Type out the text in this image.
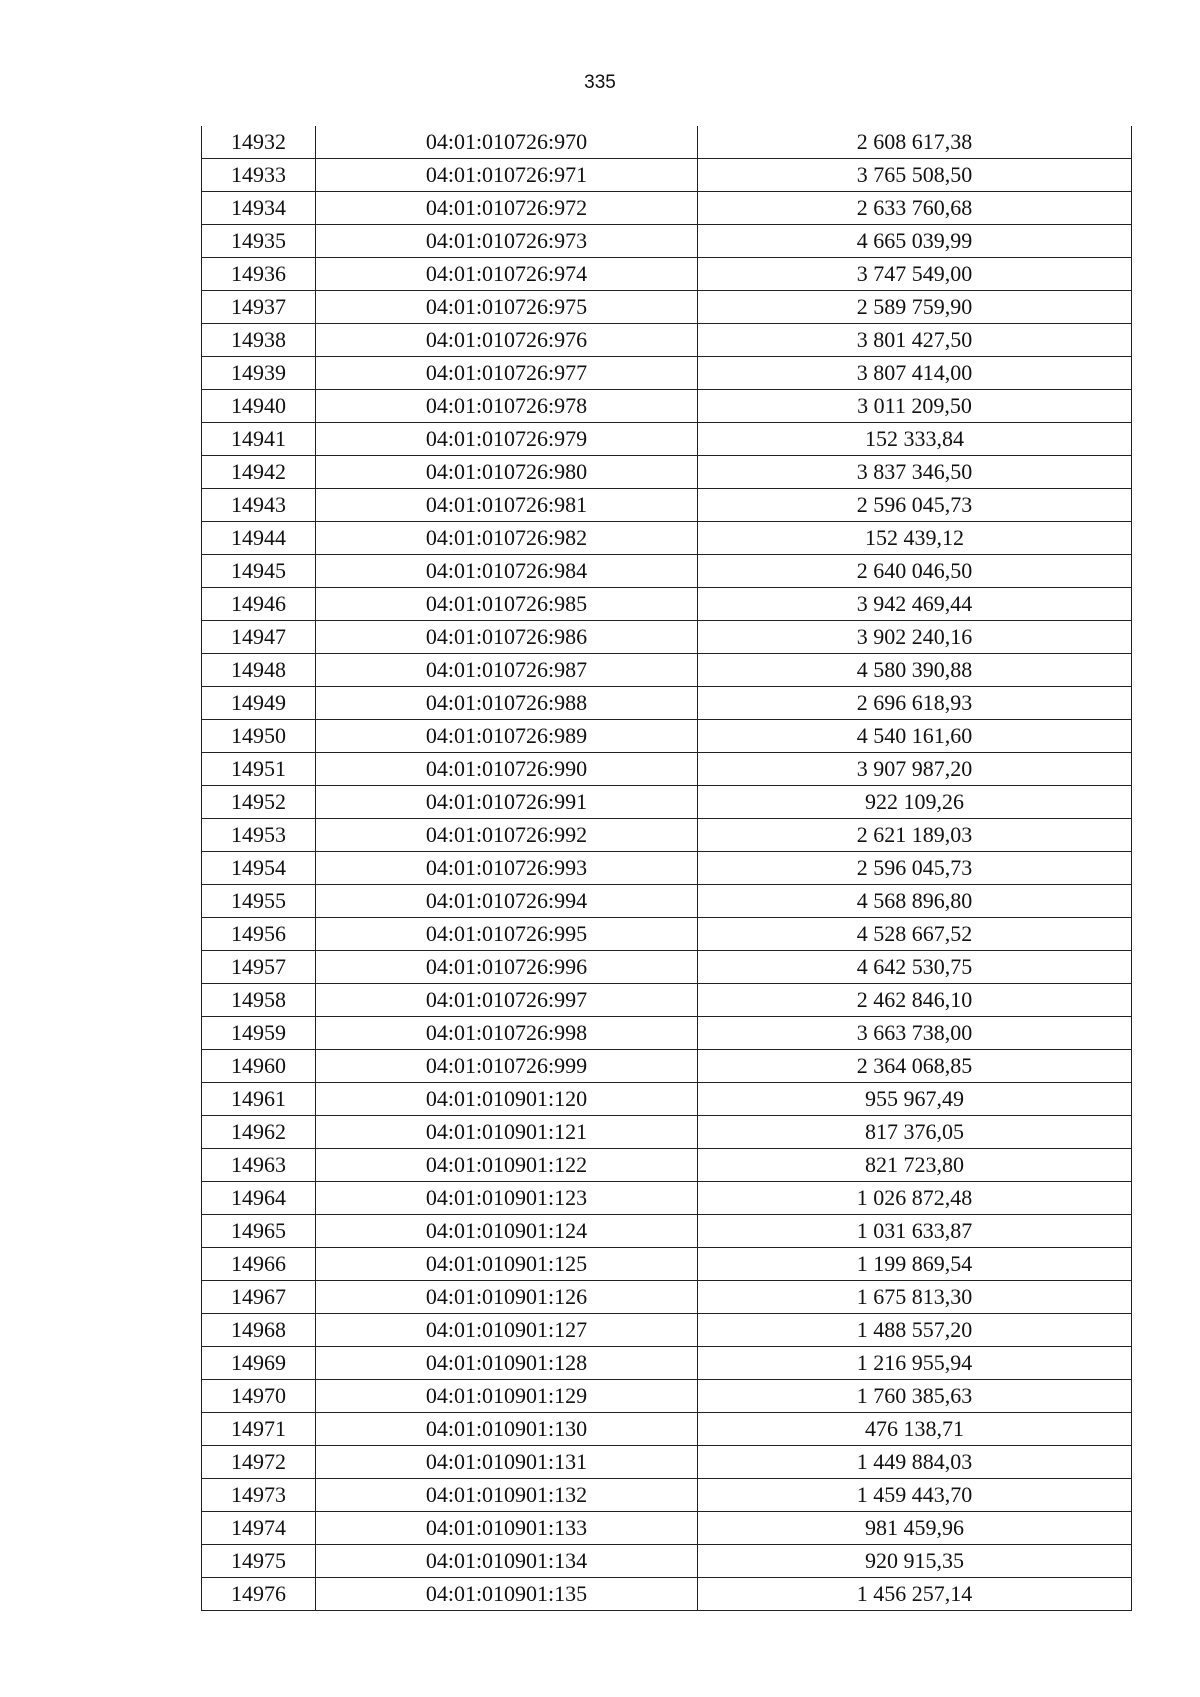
335
14932	04:01:010726:970	2 608 617,38
14933	04:01:010726:971	3 765 508,50
14934	04:01:010726:972	2 633 760,68
14935	04:01:010726:973	4 665 039,99
14936	04:01:010726:974	3 747 549,00
14937	04:01:010726:975	2 589 759,90
14938	04:01:010726:976	3 801 427,50
14939	04:01:010726:977	3 807 414,00
14940	04:01:010726:978	3 011 209,50
14941	04:01:010726:979	152 333,84
14942	04:01:010726:980	3 837 346,50
14943	04:01:010726:981	2 596 045,73
14944	04:01:010726:982	152 439,12
14945	04:01:010726:984	2 640 046,50
14946	04:01:010726:985	3 942 469,44
14947	04:01:010726:986	3 902 240,16
14948	04:01:010726:987	4 580 390,88
14949	04:01:010726:988	2 696 618,93
14950	04:01:010726:989	4 540 161,60
14951	04:01:010726:990	3 907 987,20
14952	04:01:010726:991	922 109,26
14953	04:01:010726:992	2 621 189,03
14954	04:01:010726:993	2 596 045,73
14955	04:01:010726:994	4 568 896,80
14956	04:01:010726:995	4 528 667,52
14957	04:01:010726:996	4 642 530,75
14958	04:01:010726:997	2 462 846,10
14959	04:01:010726:998	3 663 738,00
14960	04:01:010726:999	2 364 068,85
14961	04:01:010901:120	955 967,49
14962	04:01:010901:121	817 376,05
14963	04:01:010901:122	821 723,80
14964	04:01:010901:123	1 026 872,48
14965	04:01:010901:124	1 031 633,87
14966	04:01:010901:125	1 199 869,54
14967	04:01:010901:126	1 675 813,30
14968	04:01:010901:127	1 488 557,20
14969	04:01:010901:128	1 216 955,94
14970	04:01:010901:129	1 760 385,63
14971	04:01:010901:130	476 138,71
14972	04:01:010901:131	1 449 884,03
14973	04:01:010901:132	1 459 443,70
14974	04:01:010901:133	981 459,96
14975	04:01:010901:134	920 915,35
14976	04:01:010901:135	1 456 257,14
